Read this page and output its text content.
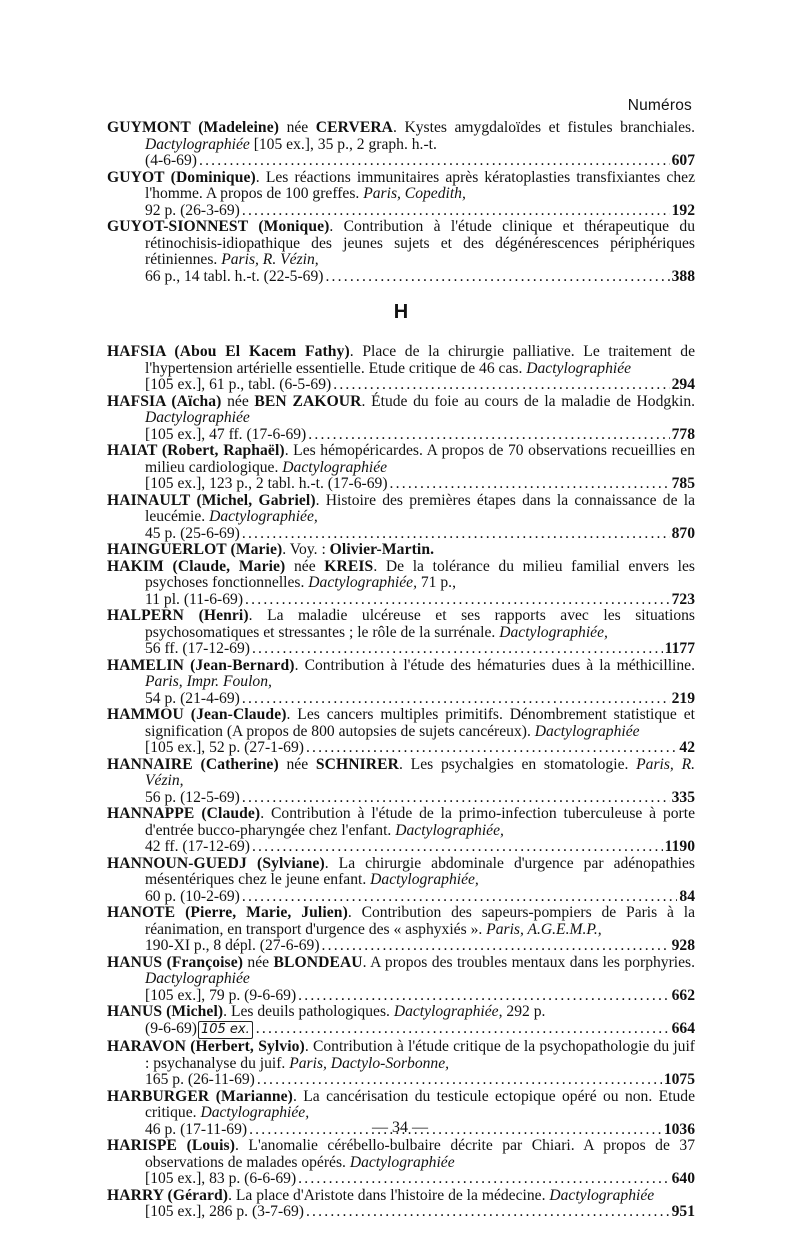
Numéros
GUYMONT (Madeleine) née CERVERA. Kystes amygdaloïdes et fistules branchiales. Dactylographiée [105 ex.], 35 p., 2 graph. h.-t.
(4-6-69) .....	607
GUYOT (Dominique). Les réactions immunitaires après kératoplasties transfixiantes chez l'homme. A propos de 100 greffes. Paris, Copedith,
92 p. (26-3-69) .....	192
GUYOT-SIONNEST (Monique). Contribution à l'étude clinique et thérapeutique du rétinochisis-idiopathique des jeunes sujets et des dégénérescences périphériques rétiniennes. Paris, R. Vézin,
66 p., 14 tabl. h.-t. (22-5-69) .....	388
H
HAFSIA (Abou El Kacem Fathy). Place de la chirurgie palliative. Le traitement de l'hypertension artérielle essentielle. Etude critique de 46 cas. Dactylographiée
[105 ex.], 61 p., tabl. (6-5-69) .....	294
HAFSIA (Aïcha) née BEN ZAKOUR. Étude du foie au cours de la maladie de Hodgkin. Dactylographiée
[105 ex.], 47 ff. (17-6-69) .....	778
HAIAT (Robert, Raphaël). Les hémopéricardes. A propos de 70 observations recueillies en milieu cardiologique. Dactylographiée
[105 ex.], 123 p., 2 tabl. h.-t. (17-6-69) .....	785
HAINAULT (Michel, Gabriel). Histoire des premières étapes dans la connaissance de la leucémie. Dactylographiée,
45 p. (25-6-69) .....	870
HAINGUERLOT (Marie). Voy. : Olivier-Martin.
HAKIM (Claude, Marie) née KREIS. De la tolérance du milieu familial envers les psychoses fonctionnelles. Dactylographiée, 71 p.,
11 pl. (11-6-69) .....	723
HALPERN (Henri). La maladie ulcéreuse et ses rapports avec les situations psychosomatiques et stressantes ; le rôle de la surrénale. Dactylographiée,
56 ff. (17-12-69) .....	1177
HAMELIN (Jean-Bernard). Contribution à l'étude des hématuries dues à la méthicilline. Paris, Impr. Foulon,
54 p. (21-4-69) .....	219
HAMMOU (Jean-Claude). Les cancers multiples primitifs. Dénombrement statistique et signification (A propos de 800 autopsies de sujets cancéreux). Dactylographiée
[105 ex.], 52 p. (27-1-69) .....	42
HANNAIRE (Catherine) née SCHNIRER. Les psychalgies en stomatologie. Paris, R. Vézin,
56 p. (12-5-69) .....	335
HANNAPPE (Claude). Contribution à l'étude de la primo-infection tuberculeuse à porte d'entrée bucco-pharyngée chez l'enfant. Dactylographiée,
42 ff. (17-12-69) .....	1190
HANNOUN-GUEDJ (Sylviane). La chirurgie abdominale d'urgence par adénopathies mésentériques chez le jeune enfant. Dactylographiée,
60 p. (10-2-69) .....	84
HANOTE (Pierre, Marie, Julien). Contribution des sapeurs-pompiers de Paris à la réanimation, en transport d'urgence des « asphyxiés ». Paris, A.G.E.M.P.,
190-XI p., 8 dépl. (27-6-69) .....	928
HANUS (Françoise) née BLONDEAU. A propos des troubles mentaux dans les porphyries. Dactylographiée
[105 ex.], 79 p. (9-6-69) .....	662
HANUS (Michel). Les deuils pathologiques. Dactylographiée, 292 p.
(9-6-69) 105 ex. .....	664
HARAVON (Herbert, Sylvio). Contribution à l'étude critique de la psychopathologie du juif : psychanalyse du juif. Paris, Dactylo-Sorbonne,
165 p. (26-11-69) .....	1075
HARBURGER (Marianne). La cancérisation du testicule ectopique opéré ou non. Etude critique. Dactylographiée,
46 p. (17-11-69) .....	1036
HARISPE (Louis). L'anomalie cérébello-bulbaire décrite par Chiari. A propos de 37 observations de malades opérés. Dactylographiée
[105 ex.], 83 p. (6-6-69) .....	640
HARRY (Gérard). La place d'Aristote dans l'histoire de la médecine. Dactylographiée
[105 ex.], 286 p. (3-7-69) .....	951
— 34 —
